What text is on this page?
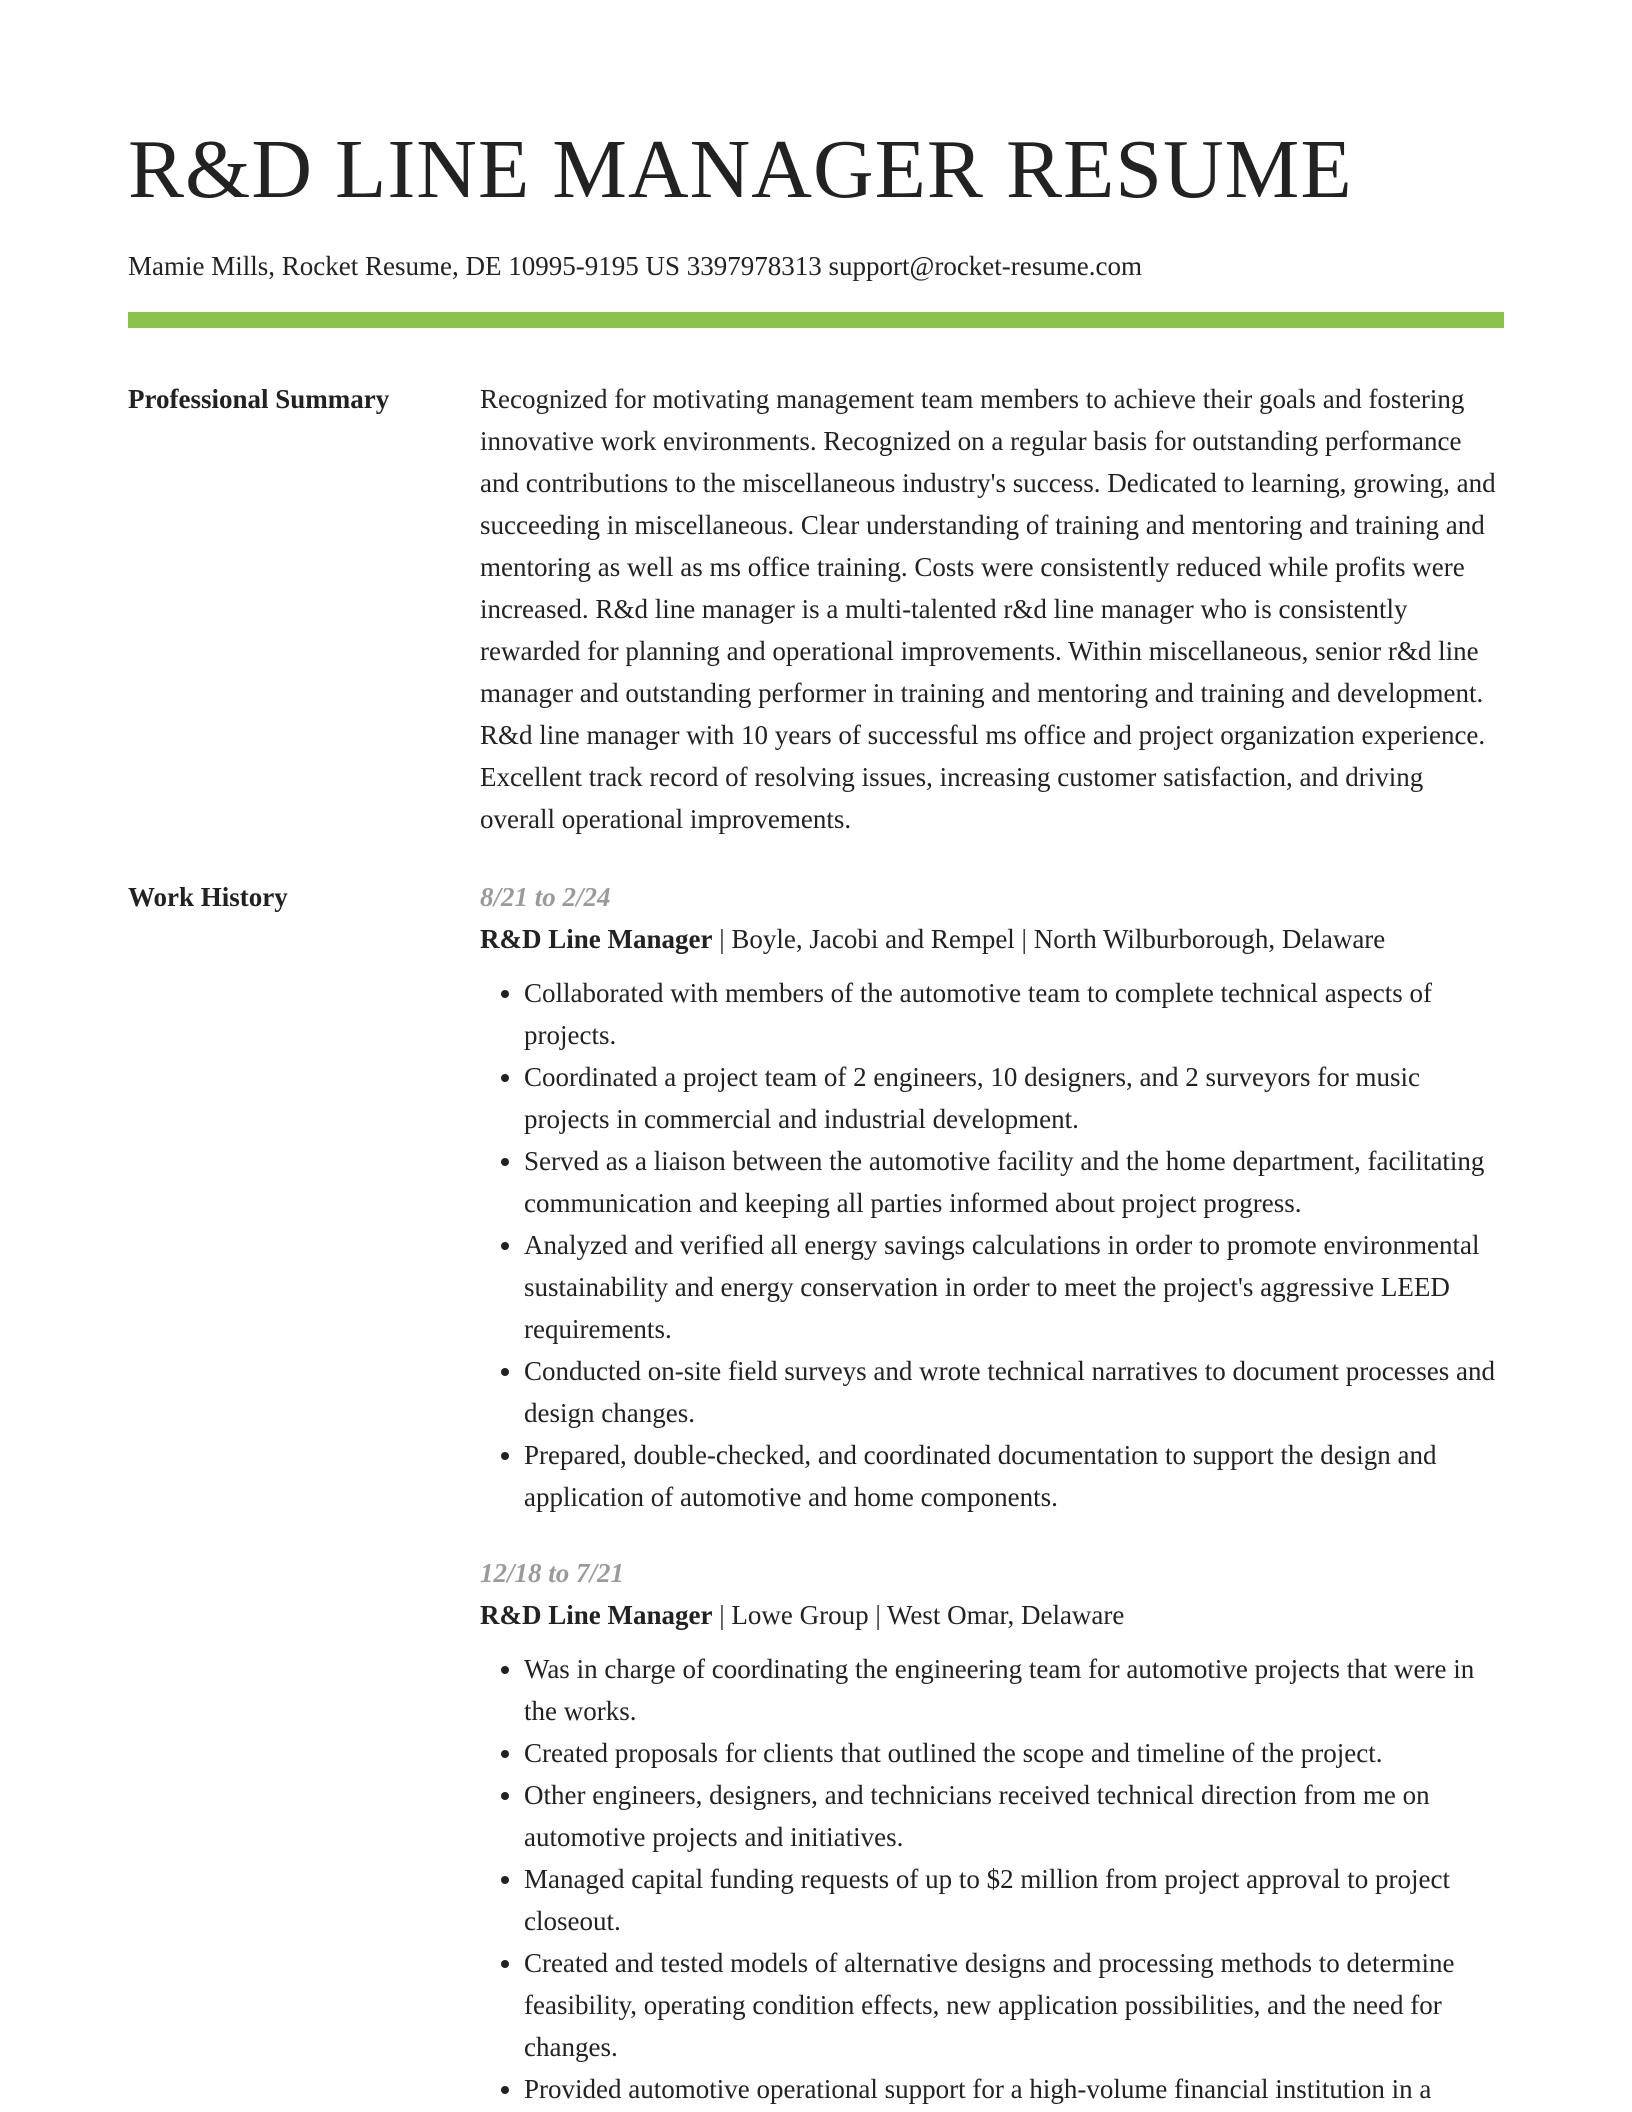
R&D LINE MANAGER RESUME
Mamie Mills, Rocket Resume, DE 10995-9195 US 3397978313 support@rocket-resume.com
Professional Summary	Recognized for motivating management team members to achieve their goals and fostering innovative work environments. Recognized on a regular basis for outstanding performance and contributions to the miscellaneous industry's success. Dedicated to learning, growing, and succeeding in miscellaneous. Clear understanding of training and mentoring and training and mentoring as well as ms office training. Costs were consistently reduced while profits were increased. R&d line manager is a multi-talented r&d line manager who is consistently rewarded for planning and operational improvements. Within miscellaneous, senior r&d line manager and outstanding performer in training and mentoring and training and development. R&d line manager with 10 years of successful ms office and project organization experience. Excellent track record of resolving issues, increasing customer satisfaction, and driving overall operational improvements.

Work History	8/21 to 2/24
R&D Line Manager | Boyle, Jacobi and Rempel | North Wilburborough, Delaware
• Collaborated with members of the automotive team to complete technical aspects of projects.
• Coordinated a project team of 2 engineers, 10 designers, and 2 surveyors for music projects in commercial and industrial development.
• Served as a liaison between the automotive facility and the home department, facilitating communication and keeping all parties informed about project progress.
• Analyzed and verified all energy savings calculations in order to promote environmental sustainability and energy conservation in order to meet the project's aggressive LEED requirements.
• Conducted on-site field surveys and wrote technical narratives to document processes and design changes.
• Prepared, double-checked, and coordinated documentation to support the design and application of automotive and home components.
12/18 to 7/21
R&D Line Manager | Lowe Group | West Omar, Delaware
• Was in charge of coordinating the engineering team for automotive projects that were in the works.
• Created proposals for clients that outlined the scope and timeline of the project.
• Other engineers, designers, and technicians received technical direction from me on automotive projects and initiatives.
• Managed capital funding requests of up to $2 million from project approval to project closeout.
• Created and tested models of alternative designs and processing methods to determine feasibility, operating condition effects, new application possibilities, and the need for changes.
• Provided automotive operational support for a high-volume financial institution in a
